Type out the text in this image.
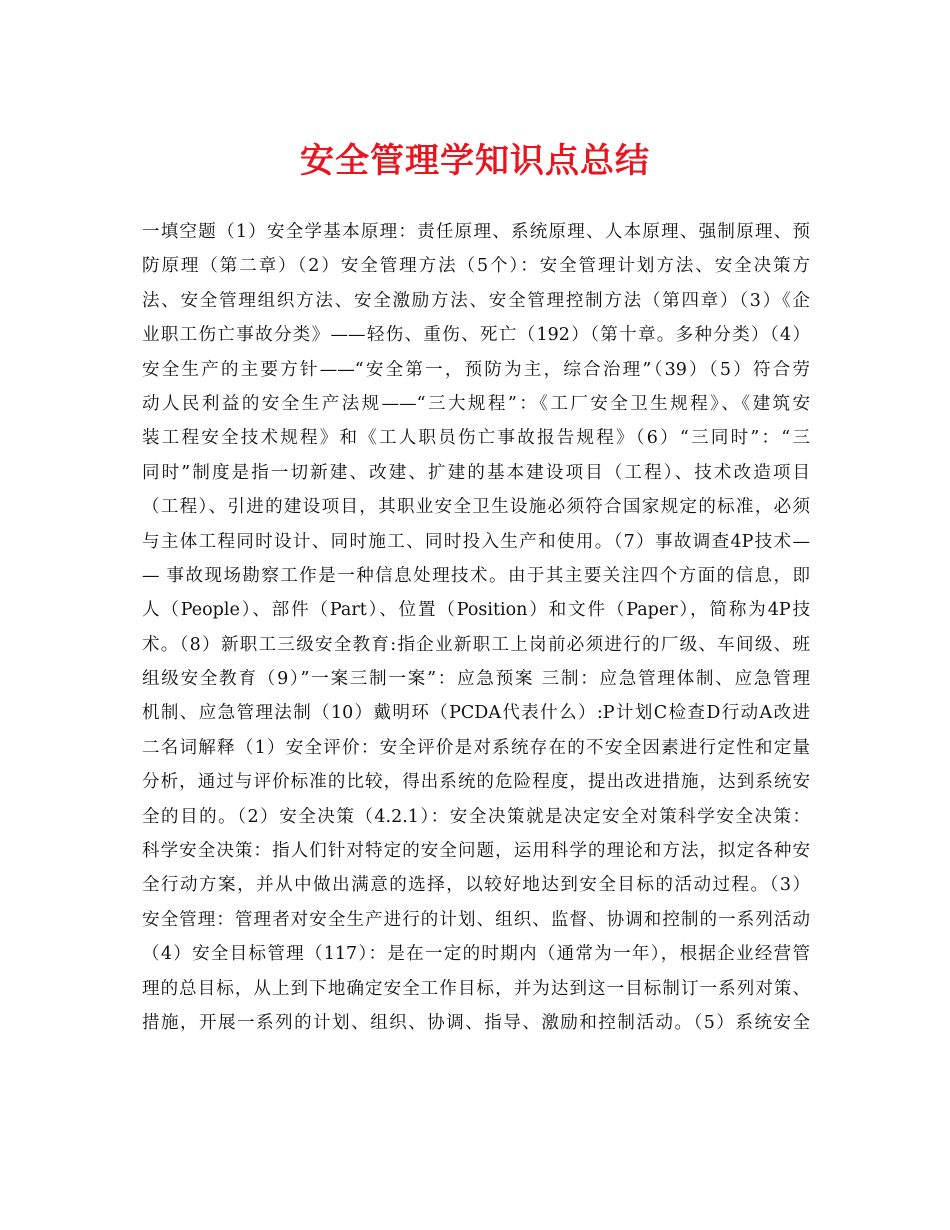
安全管理学知识点总结
一填空题（1）安全学基本原理：责任原理、系统原理、人本原理、强制原理、预
防原理（第二章）（2）安全管理方法（5个）：安全管理计划方法、安全决策方
法、安全管理组织方法、安全激励方法、安全管理控制方法（第四章）（3）《企
业职工伤亡事故分类》——轻伤、重伤、死亡（192）（第十章。多种分类）（4）
安全生产的主要方针——“安全第一，预防为主，综合治理”（39）（5）符合劳
动人民利益的安全生产法规——“三大规程”：《工厂安全卫生规程》、《建筑安
装工程安全技术规程》和《工人职员伤亡事故报告规程》（6）“三同时”：“三
同时”制度是指一切新建、改建、扩建的基本建设项目（工程）、技术改造项目
（工程）、引进的建设项目，其职业安全卫生设施必须符合国家规定的标准，必须
与主体工程同时设计、同时施工、同时投入生产和使用。（7）事故调查4P技术—
— 事故现场勘察工作是一种信息处理技术。由于其主要关注四个方面的信息，即
人（People）、部件（Part）、位置（Position）和文件（Paper），简称为4P技
术。（8）新职工三级安全教育:指企业新职工上岗前必须进行的厂级、车间级、班
组级安全教育（9）”一案三制一案”：应急预案 三制：应急管理体制、应急管理
机制、应急管理法制（10）戴明环（PCDA代表什么）:P计划C检查D行动A改进
二名词解释（1）安全评价：安全评价是对系统存在的不安全因素进行定性和定量
分析，通过与评价标准的比较，得出系统的危险程度，提出改进措施，达到系统安
全的目的。（2）安全决策（4.2.1）：安全决策就是决定安全对策科学安全决策：
科学安全决策：指人们针对特定的安全问题，运用科学的理论和方法，拟定各种安
全行动方案，并从中做出满意的选择，以较好地达到安全目标的活动过程。（3）
安全管理：管理者对安全生产进行的计划、组织、监督、协调和控制的一系列活动
（4）安全目标管理（117）：是在一定的时期内（通常为一年），根据企业经营管
理的总目标，从上到下地确定安全工作目标，并为达到这一目标制订一系列对策、
措施，开展一系列的计划、组织、协调、指导、激励和控制活动。（5）系统安全
